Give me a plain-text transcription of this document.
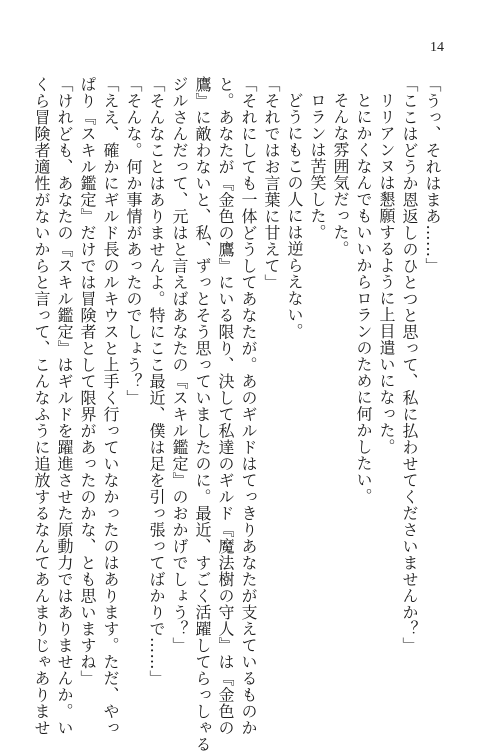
14
「うっ、それはまあ……」
「ここはどうか恩返しのひとつと思って、私に払わせてくださいませんか？」
リリアンヌは懇願するように上目遣いになった。
とにかくなんでもいいからロランのために何かしたい。
そんな雰囲気だった。
ロランは苦笑した。
どうにもこの人には逆らえない。
「それではお言葉に甘えて」
「それにしても一体どうしてあなたが。あのギルドはてっきりあなたが支えているものか
と。あなたが『金色の鷹』にいる限り、決して私達のギルド『魔法樹の守人』は『金色の
鷹』に敵わないと、私、ずっとそう思っていましたのに。最近、すごく活躍してらっしゃる
ジルさんだって、元はと言えばあなたの『スキル鑑定』のおかげでしょう？」
「そんなことはありませんよ。特にここ最近、僕は足を引っ張ってばかりで……」
「そんな。何か事情があったのでしょう？」
「ええ、確かにギルド長のルキウスと上手く行っていなかったのはあります。ただ、やっ
ぱり『スキル鑑定』だけでは冒険者として限界があったのかな、とも思いますね」
「けれども、あなたの『スキル鑑定』はギルドを躍進させた原動力ではありませんか。い
くら冒険者適性がないからと言って、こんなふうに追放するなんてあんまりじゃありませ
